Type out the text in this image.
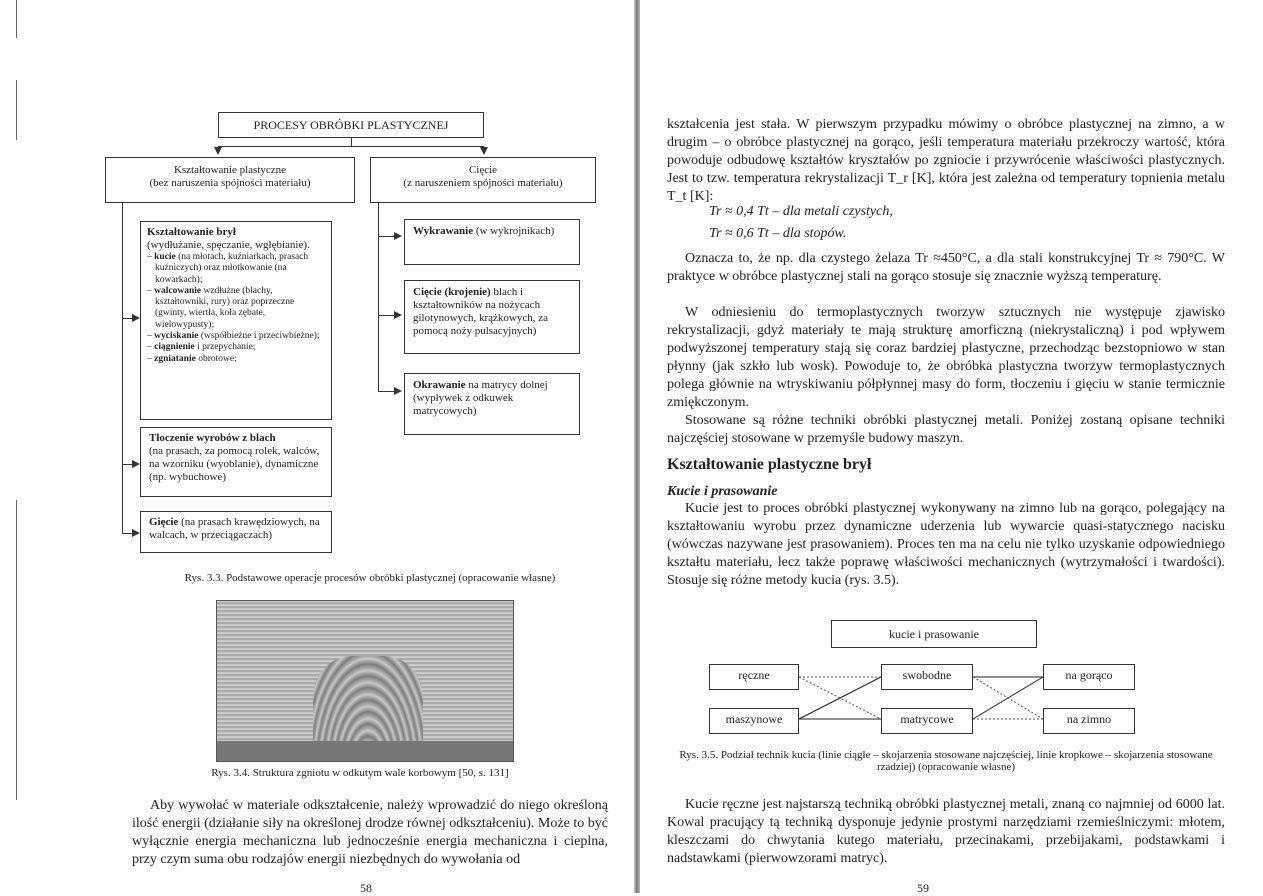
PROCESY OBRÓBKI PLASTYCZNEJ
Kształtowanie plastyczne
(bez naruszenia spójności materiału)
Cięcie
(z naruszeniem spójności materiału)
Kształtowanie brył
(wydłużanie, spęczanie, wgłębianie).
– kucie (na młotach, kuźniarkach, prasach kuźniczych) oraz młotkowanie (na kowarkach);
– walcowanie wzdłużne (blachy, kształtowniki, rury) oraz poprzeczne (gwinty, wiertła, koła zębate, wielowypusty);
– wyciskanie (współbieżne i przeciwbieżne);
– ciągnienie i przepychanie;
– zgniatanie obrotowe;
Tłoczenie wyrobów z blach
(na prasach, za pomocą rolek, walców, na wzorniku (wyoblanie), dynamiczne (np. wybuchowe)
Gięcie (na prasach krawędziowych, na walcach, w przeciągaczach)
Wykrawanie (w wykrojnikach)
Cięcie (krojenie) blach i kształtowników na nożycach gilotynowych, krążkowych, za pomocą noży pulsacyjnych)
Okrawanie na matrycy dolnej (wypływek z odkuwek matrycowych)
Rys. 3.3. Podstawowe operacje procesów obróbki plastycznej (opracowanie własne)
Rys. 3.4. Struktura zgniotu w odkutym wale korbowym [50, s. 131]
Aby wywołać w materiale odkształcenie, należy wprowadzić do niego określoną ilość energii (działanie siły na określonej drodze równej odkształceniu). Może to być wyłącznie energia mechaniczna lub jednocześnie energia mechaniczna i cieplna, przy czym suma obu rodzajów energii niezbędnych do wywołania od
58
kształcenia jest stała. W pierwszym przypadku mówimy o obróbce plastycznej na zimno, a w drugim – o obróbce plastycznej na gorąco, jeśli temperatura materiału przekroczy wartość, która powoduje odbudowę kształtów kryształów po zgniocie i przywrócenie właściwości plastycznych. Jest to tzw. temperatura rekrystalizacji T_r [K], która jest zależna od temperatury topnienia metalu T_t [K]:
Tr ≈ 0,4 Tt – dla metali czystych,
Tr ≈ 0,6 Tt – dla stopów.
Oznacza to, że np. dla czystego żelaza Tr ≈450°C, a dla stali konstrukcyjnej Tr ≈ 790°C. W praktyce w obróbce plastycznej stali na gorąco stosuje się znacznie wyższą temperaturę.
W odniesieniu do termoplastycznych tworzyw sztucznych nie występuje zjawisko rekrystalizacji, gdyż materiały te mają strukturę amorficzną (niekrystaliczną) i pod wpływem podwyższonej temperatury stają się coraz bardziej plastyczne, przechodząc bezstopniowo w stan płynny (jak szkło lub wosk). Powoduje to, że obróbka plastyczna tworzyw termoplastycznych polega głównie na wtryskiwaniu półpłynnej masy do form, tłoczeniu i gięciu w stanie termicznie zmiękczonym.
Stosowane są różne techniki obróbki plastycznej metali. Poniżej zostaną opisane techniki najczęściej stosowane w przemyśle budowy maszyn.
Kształtowanie plastyczne brył
Kucie i prasowanie
Kucie jest to proces obróbki plastycznej wykonywany na zimno lub na gorąco, polegający na kształtowaniu wyrobu przez dynamiczne uderzenia lub wywarcie quasi-statycznego nacisku (wówczas nazywane jest prasowaniem). Proces ten ma na celu nie tylko uzyskanie odpowiedniego kształtu materiału, lecz także poprawę właściwości mechanicznych (wytrzymałości i twardości). Stosuje się różne metody kucia (rys. 3.5).
kucie i prasowanie
ręczne
maszynowe
swobodne
matrycowe
na gorąco
na zimno
Rys. 3.5. Podział technik kucia (linie ciągłe – skojarzenia stosowane najczęściej, linie kropkowe – skojarzenia stosowane rzadziej) (opracowanie własne)
Kucie ręczne jest najstarszą techniką obróbki plastycznej metali, znaną co najmniej od 6000 lat. Kowal pracujący tą techniką dysponuje jedynie prostymi narzędziami rzemieślniczymi: młotem, kleszczami do chwytania kutego materiału, przecinakami, przebijakami, podstawkami i nadstawkami (pierwowzorami matryc).
59
